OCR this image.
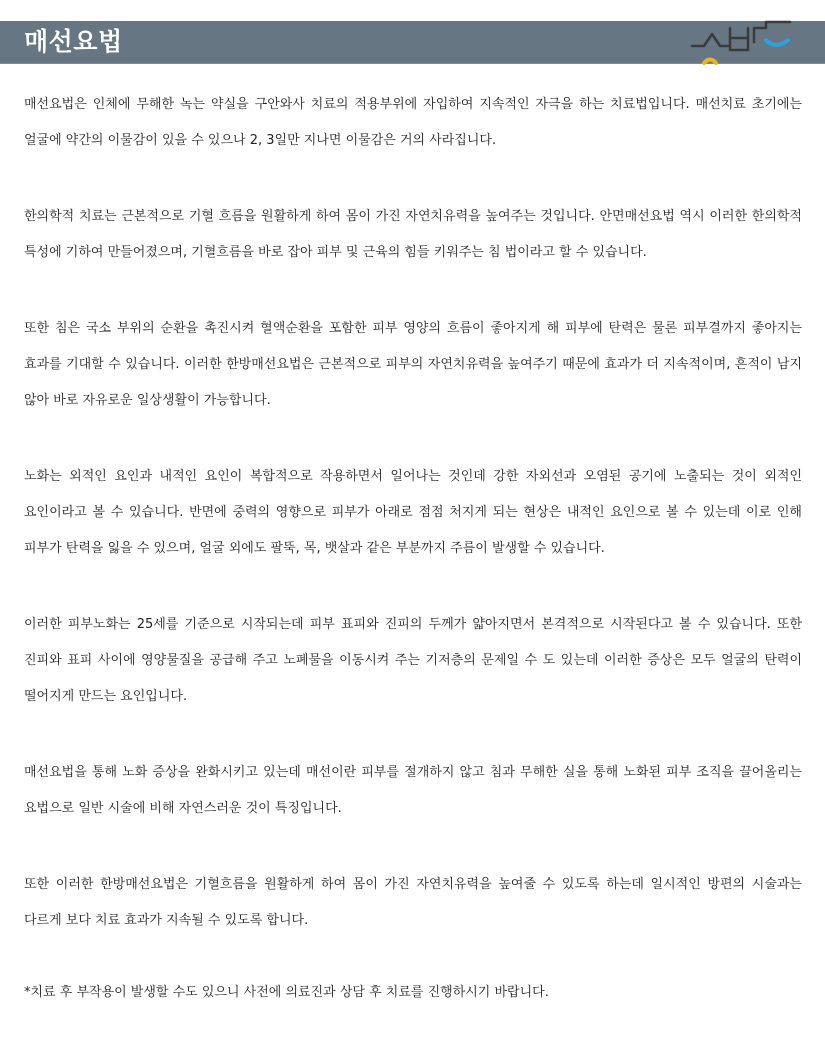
매선요법

매선요법은 인체에 무해한 녹는 약실을 구안와사 치료의 적용부위에 자입하여 지속적인 자극을 하는 치료법입니다. 매선치료 초기에는 얼굴에 약간의 이물감이 있을 수 있으나 2, 3일만 지나면 이물감은 거의 사라집니다.

한의학적 치료는 근본적으로 기혈 흐름을 원활하게 하여 몸이 가진 자연치유력을 높여주는 것입니다. 안면매선요법 역시 이러한 한의학적 특성에 기하여 만들어졌으며, 기혈흐름을 바로 잡아 피부 및 근육의 힘들 키워주는 침 법이라고 할 수 있습니다.

또한 침은 국소 부위의 순환을 촉진시켜 혈액순환을 포함한 피부 영양의 흐름이 좋아지게 해 피부에 탄력은 물론 피부결까지 좋아지는 효과를 기대할 수 있습니다. 이러한 한방매선요법은 근본적으로 피부의 자연치유력을 높여주기 때문에 효과가 더 지속적이며, 흔적이 남지 않아 바로 자유로운 일상생활이 가능합니다.

노화는 외적인 요인과 내적인 요인이 복합적으로 작용하면서 일어나는 것인데 강한 자외선과 오염된 공기에 노출되는 것이 외적인 요인이라고 볼 수 있습니다. 반면에 중력의 영향으로 피부가 아래로 점점 처지게 되는 현상은 내적인 요인으로 볼 수 있는데 이로 인해 피부가 탄력을 잃을 수 있으며, 얼굴 외에도 팔뚝, 목, 뱃살과 같은 부분까지 주름이 발생할 수 있습니다.

이러한 피부노화는 25세를 기준으로 시작되는데 피부 표피와 진피의 두께가 얇아지면서 본격적으로 시작된다고 볼 수 있습니다. 또한 진피와 표피 사이에 영양물질을 공급해 주고 노폐물을 이동시켜 주는 기저층의 문제일 수 도 있는데 이러한 증상은 모두 얼굴의 탄력이 떨어지게 만드는 요인입니다.

매선요법을 통해 노화 증상을 완화시키고 있는데 매선이란 피부를 절개하지 않고 침과 무해한 실을 통해 노화된 피부 조직을 끌어올리는 요법으로 일반 시술에 비해 자연스러운 것이 특징입니다.

또한 이러한 한방매선요법은 기혈흐름을 원활하게 하여 몸이 가진 자연치유력을 높여줄 수 있도록 하는데 일시적인 방편의 시술과는 다르게 보다 치료 효과가 지속될 수 있도록 합니다.

*치료 후 부작용이 발생할 수도 있으니 사전에 의료진과 상담 후 치료를 진행하시기 바랍니다.
